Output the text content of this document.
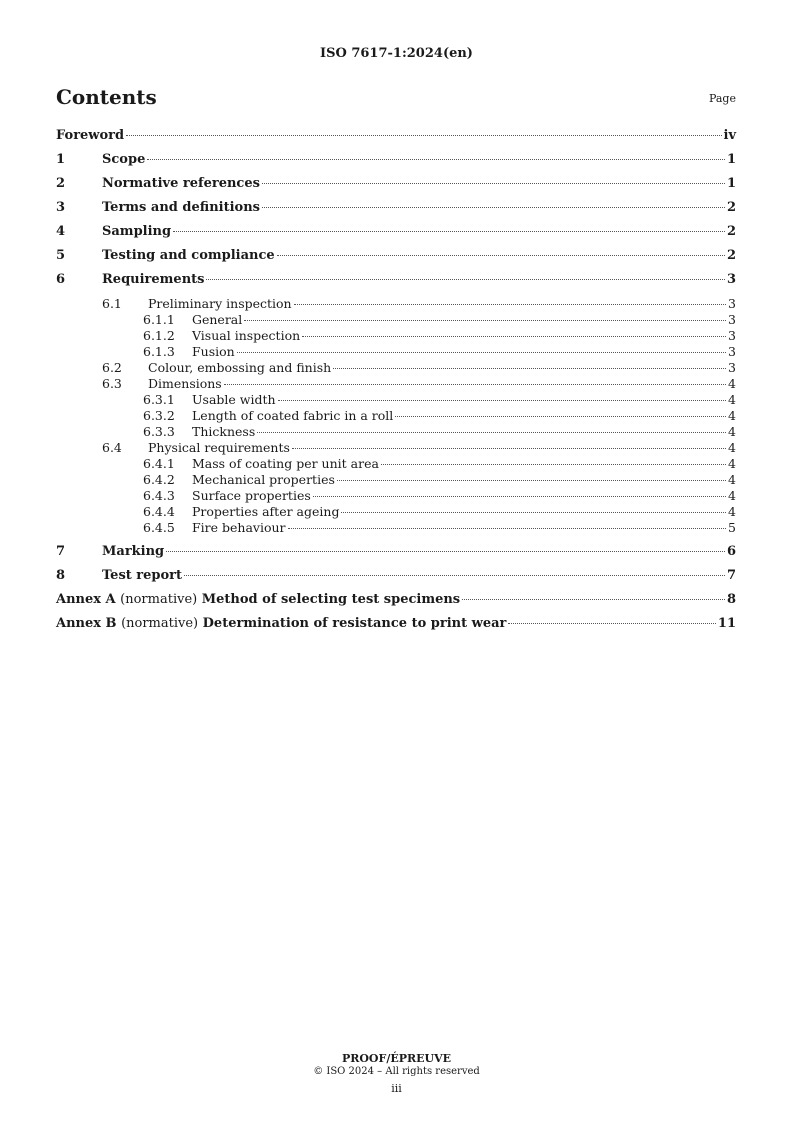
ISO 7617-1:2024(en)
Contents	Page
Foreword	iv
1	Scope	1
2	Normative references	1
3	Terms and definitions	2
4	Sampling	2
5	Testing and compliance	2
6	Requirements	3
6.1	Preliminary inspection	3
6.1.1	General	3
6.1.2	Visual inspection	3
6.1.3	Fusion	3
6.2	Colour, embossing and finish	3
6.3	Dimensions	4
6.3.1	Usable width	4
6.3.2	Length of coated fabric in a roll	4
6.3.3	Thickness	4
6.4	Physical requirements	4
6.4.1	Mass of coating per unit area	4
6.4.2	Mechanical properties	4
6.4.3	Surface properties	4
6.4.4	Properties after ageing	4
6.4.5	Fire behaviour	5
7	Marking	6
8	Test report	7
Annex A (normative) Method of selecting test specimens	8
Annex B (normative) Determination of resistance to print wear	11
PROOF/ÉPREUVE
© ISO 2024 – All rights reserved
iii
